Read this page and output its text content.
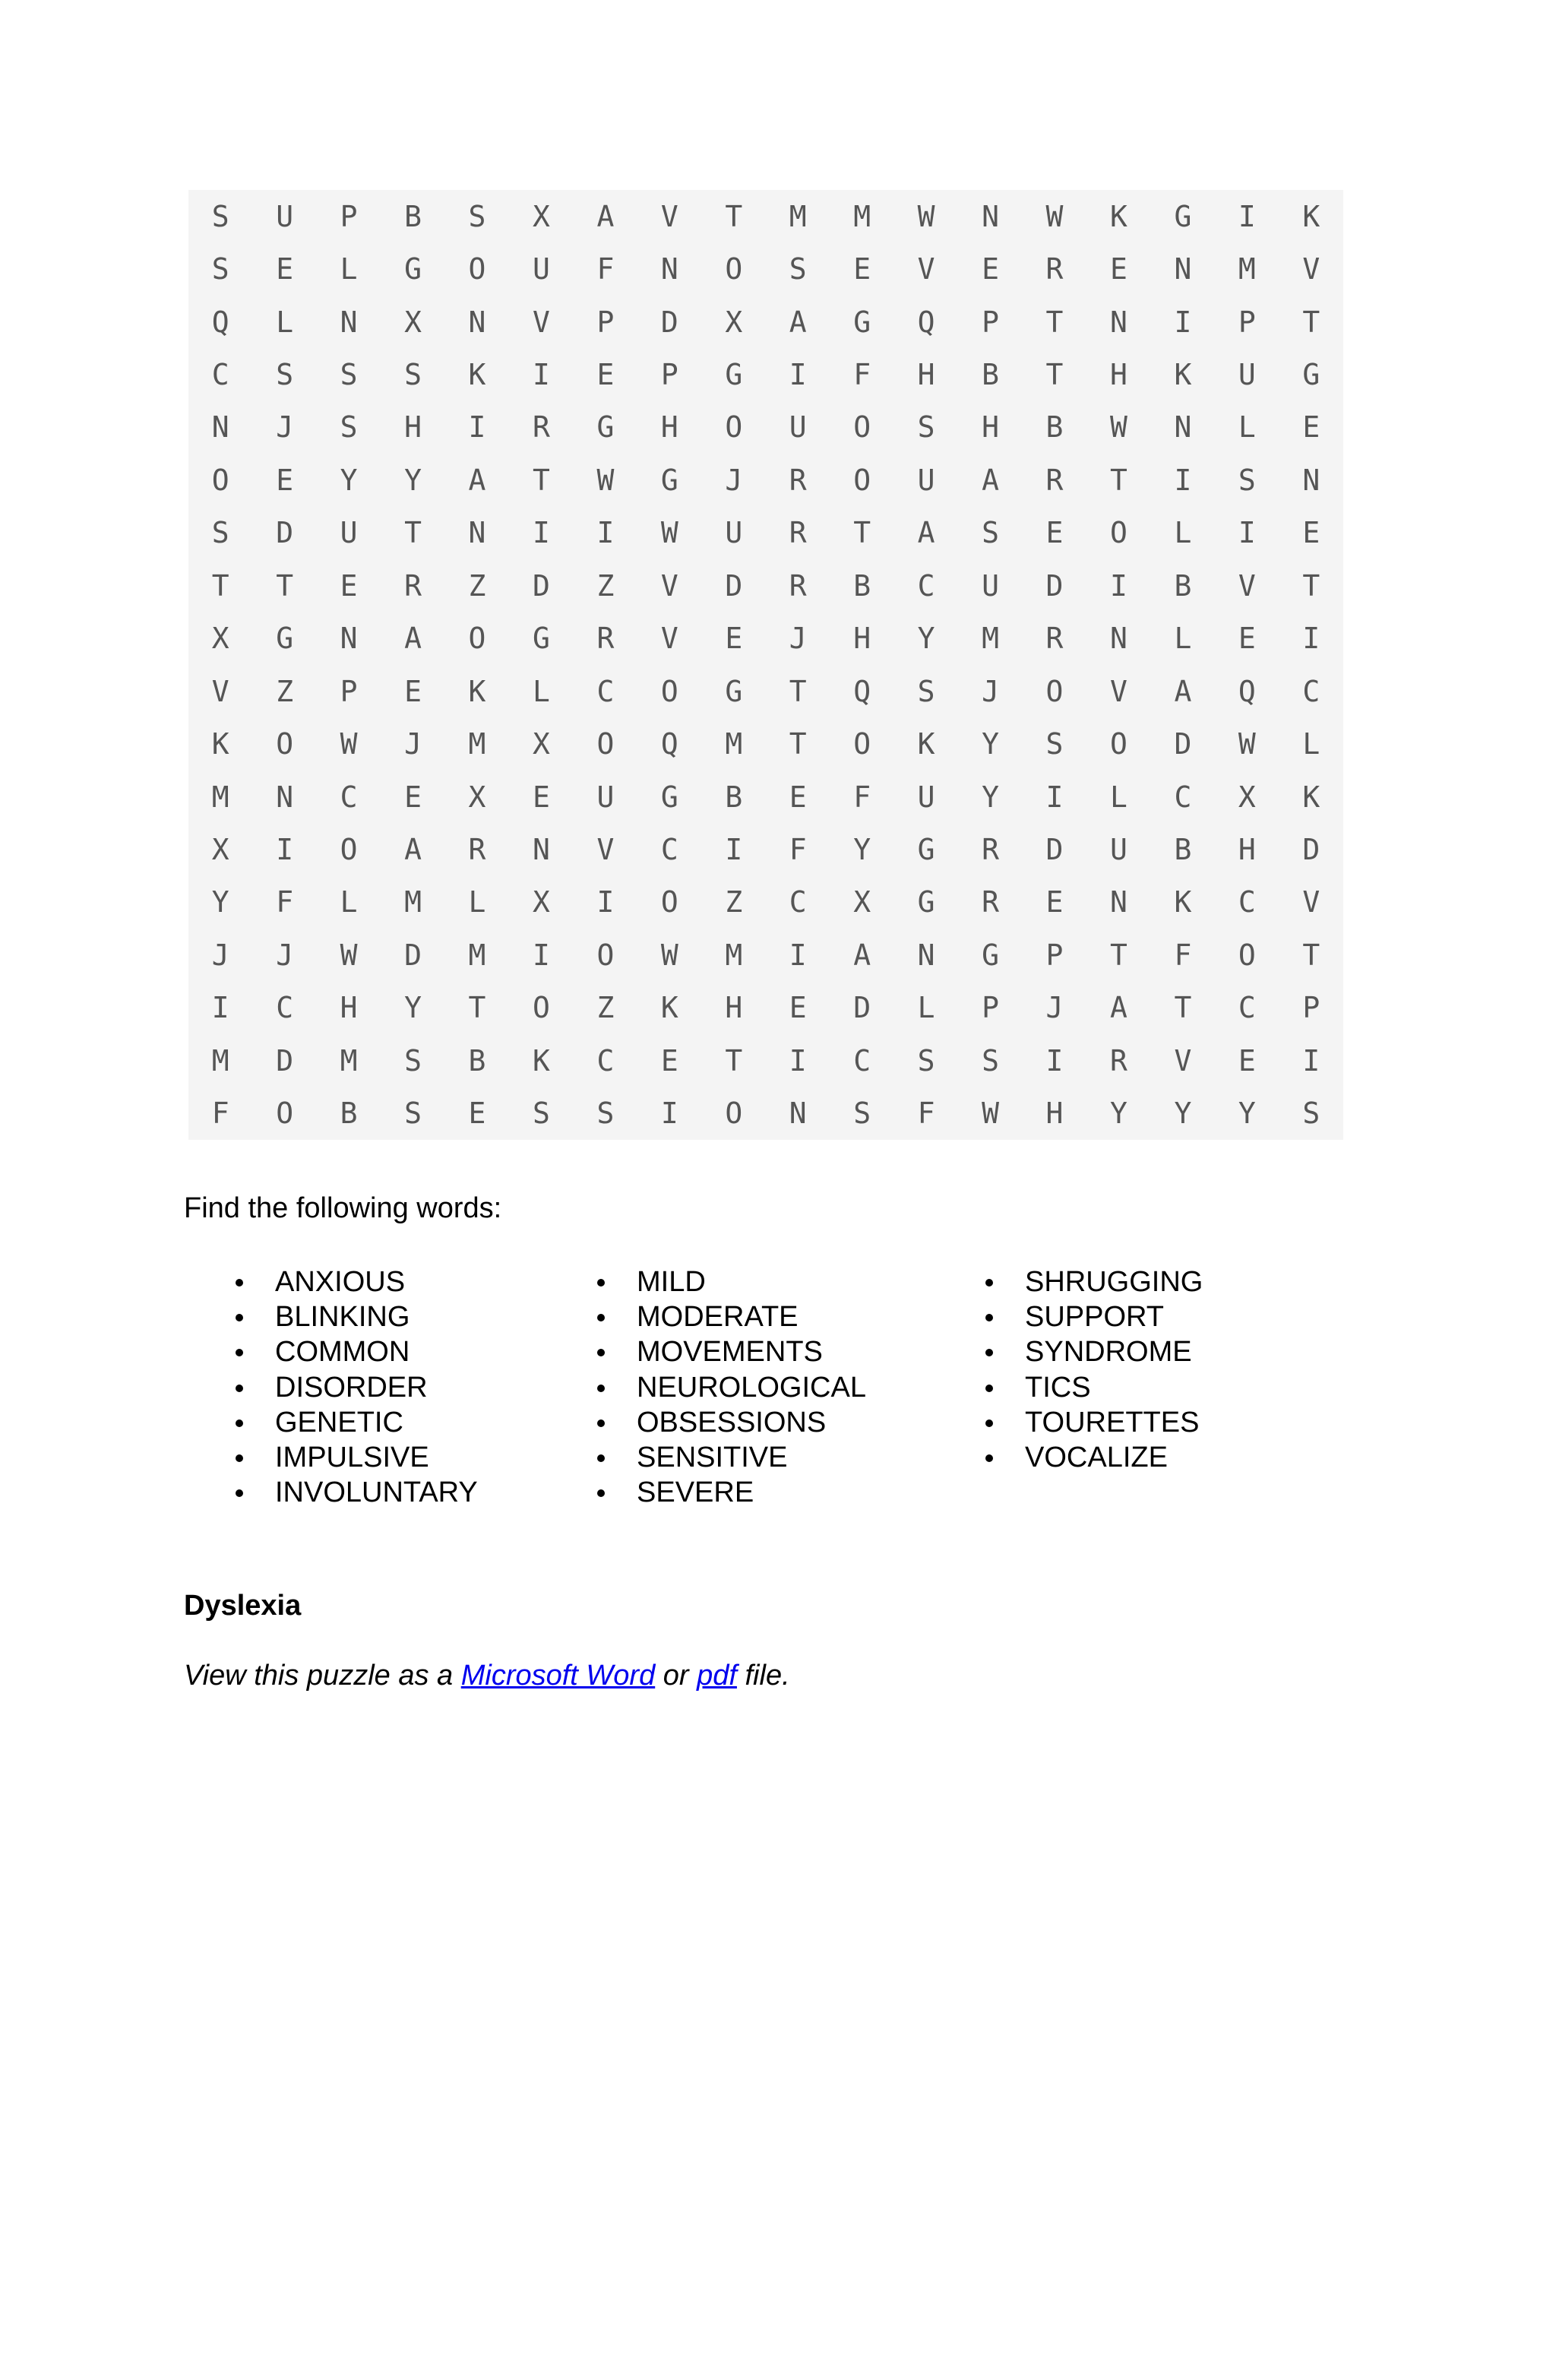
S	U	P	B	S	X	A	V	T	M	M	W	N	W	K	G	I	K
S	E	L	G	O	U	F	N	O	S	E	V	E	R	E	N	M	V
Q	L	N	X	N	V	P	D	X	A	G	Q	P	T	N	I	P	T
C	S	S	S	K	I	E	P	G	I	F	H	B	T	H	K	U	G
N	J	S	H	I	R	G	H	O	U	O	S	H	B	W	N	L	E
O	E	Y	Y	A	T	W	G	J	R	O	U	A	R	T	I	S	N
S	D	U	T	N	I	I	W	U	R	T	A	S	E	O	L	I	E
T	T	E	R	Z	D	Z	V	D	R	B	C	U	D	I	B	V	T
X	G	N	A	O	G	R	V	E	J	H	Y	M	R	N	L	E	I
V	Z	P	E	K	L	C	O	G	T	Q	S	J	O	V	A	Q	C
K	O	W	J	M	X	O	Q	M	T	O	K	Y	S	O	D	W	L
M	N	C	E	X	E	U	G	B	E	F	U	Y	I	L	C	X	K
X	I	O	A	R	N	V	C	I	F	Y	G	R	D	U	B	H	D
Y	F	L	M	L	X	I	O	Z	C	X	G	R	E	N	K	C	V
J	J	W	D	M	I	O	W	M	I	A	N	G	P	T	F	O	T
I	C	H	Y	T	O	Z	K	H	E	D	L	P	J	A	T	C	P
M	D	M	S	B	K	C	E	T	I	C	S	S	I	R	V	E	I
F	O	B	S	E	S	S	I	O	N	S	F	W	H	Y	Y	Y	S

Find the following words:

ANXIOUS
BLINKING
COMMON
DISORDER
GENETIC
IMPULSIVE
INVOLUNTARY
MILD
MODERATE
MOVEMENTS
NEUROLOGICAL
OBSESSIONS
SENSITIVE
SEVERE
SHRUGGING
SUPPORT
SYNDROME
TICS
TOURETTES
VOCALIZE

Dyslexia

View this puzzle as a Microsoft Word or pdf file.
